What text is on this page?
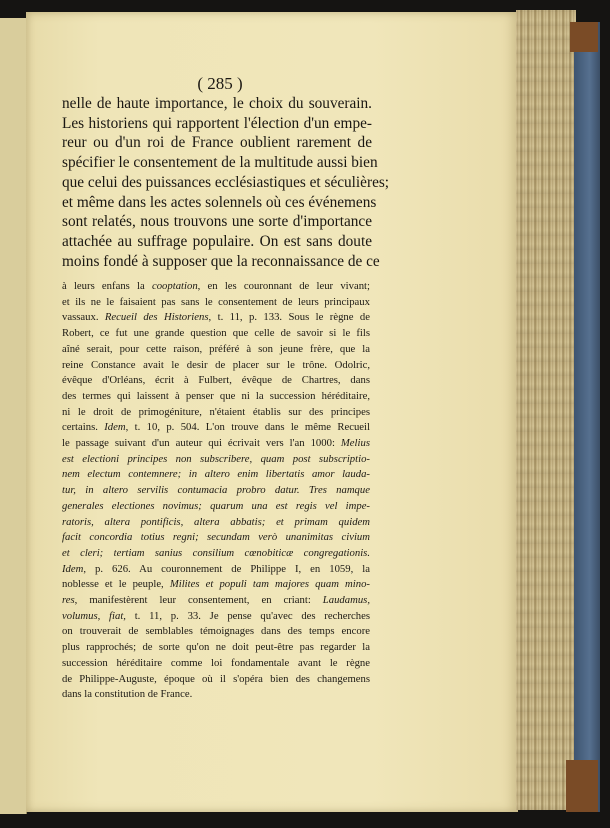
( 285 )
nelle de haute importance, le choix du souverain.
Les historiens qui rapportent l'élection d'un empe-
reur ou d'un roi de France oublient rarement de
spécifier le consentement de la multitude aussi bien
que celui des puissances ecclésiastiques et séculières;
et même dans les actes solennels où ces événemens
sont relatés, nous trouvons une sorte d'importance
attachée au suffrage populaire. On est sans doute
moins fondé à supposer que la reconnaissance de ce
à leurs enfans la cooptation, en les couronnant de leur vivant;
et ils ne le faisaient pas sans le consentement de leurs principaux
vassaux. Recueil des Historiens, t. 11, p. 133. Sous le règne de
Robert, ce fut une grande question que celle de savoir si le fils
aîné serait, pour cette raison, préféré à son jeune frère, que la
reine Constance avait le desir de placer sur le trône. Odolric,
évêque d'Orléans, écrit à Fulbert, évêque de Chartres, dans
des termes qui laissent à penser que ni la succession héréditaire,
ni le droit de primogéniture, n'étaient établis sur des principes
certains. Idem, t. 10, p. 504. L'on trouve dans le même Recueil
le passage suivant d'un auteur qui écrivait vers l'an 1000: Melius
est electioni principes non subscribere, quam post subscriptio-
nem electum contemnere; in altero enim libertatis amor lauda-
tur, in altero servilis contumacia probro datur. Tres namque
generales electiones novimus; quarum una est regis vel impe-
ratoris, altera pontificis, altera abbatis; et primam quidem
facit concordia totius regni; secundam verò unanimitas civium
et cleri; tertiam sanius consilium cœnobiticæ congregationis.
Idem, p. 626. Au couronnement de Philippe I, en 1059, la
noblesse et le peuple, Milites et populi tam majores quam mino-
res, manifestèrent leur consentement, en criant: Laudamus,
volumus, fiat, t. 11, p. 33. Je pense qu'avec des recherches
on trouverait de semblables témoignages dans des temps encore
plus rapprochés; de sorte qu'on ne doit peut-être pas regarder la
succession héréditaire comme loi fondamentale avant le règne
de Philippe-Auguste, époque où il s'opéra bien des changemens
dans la constitution de France.
